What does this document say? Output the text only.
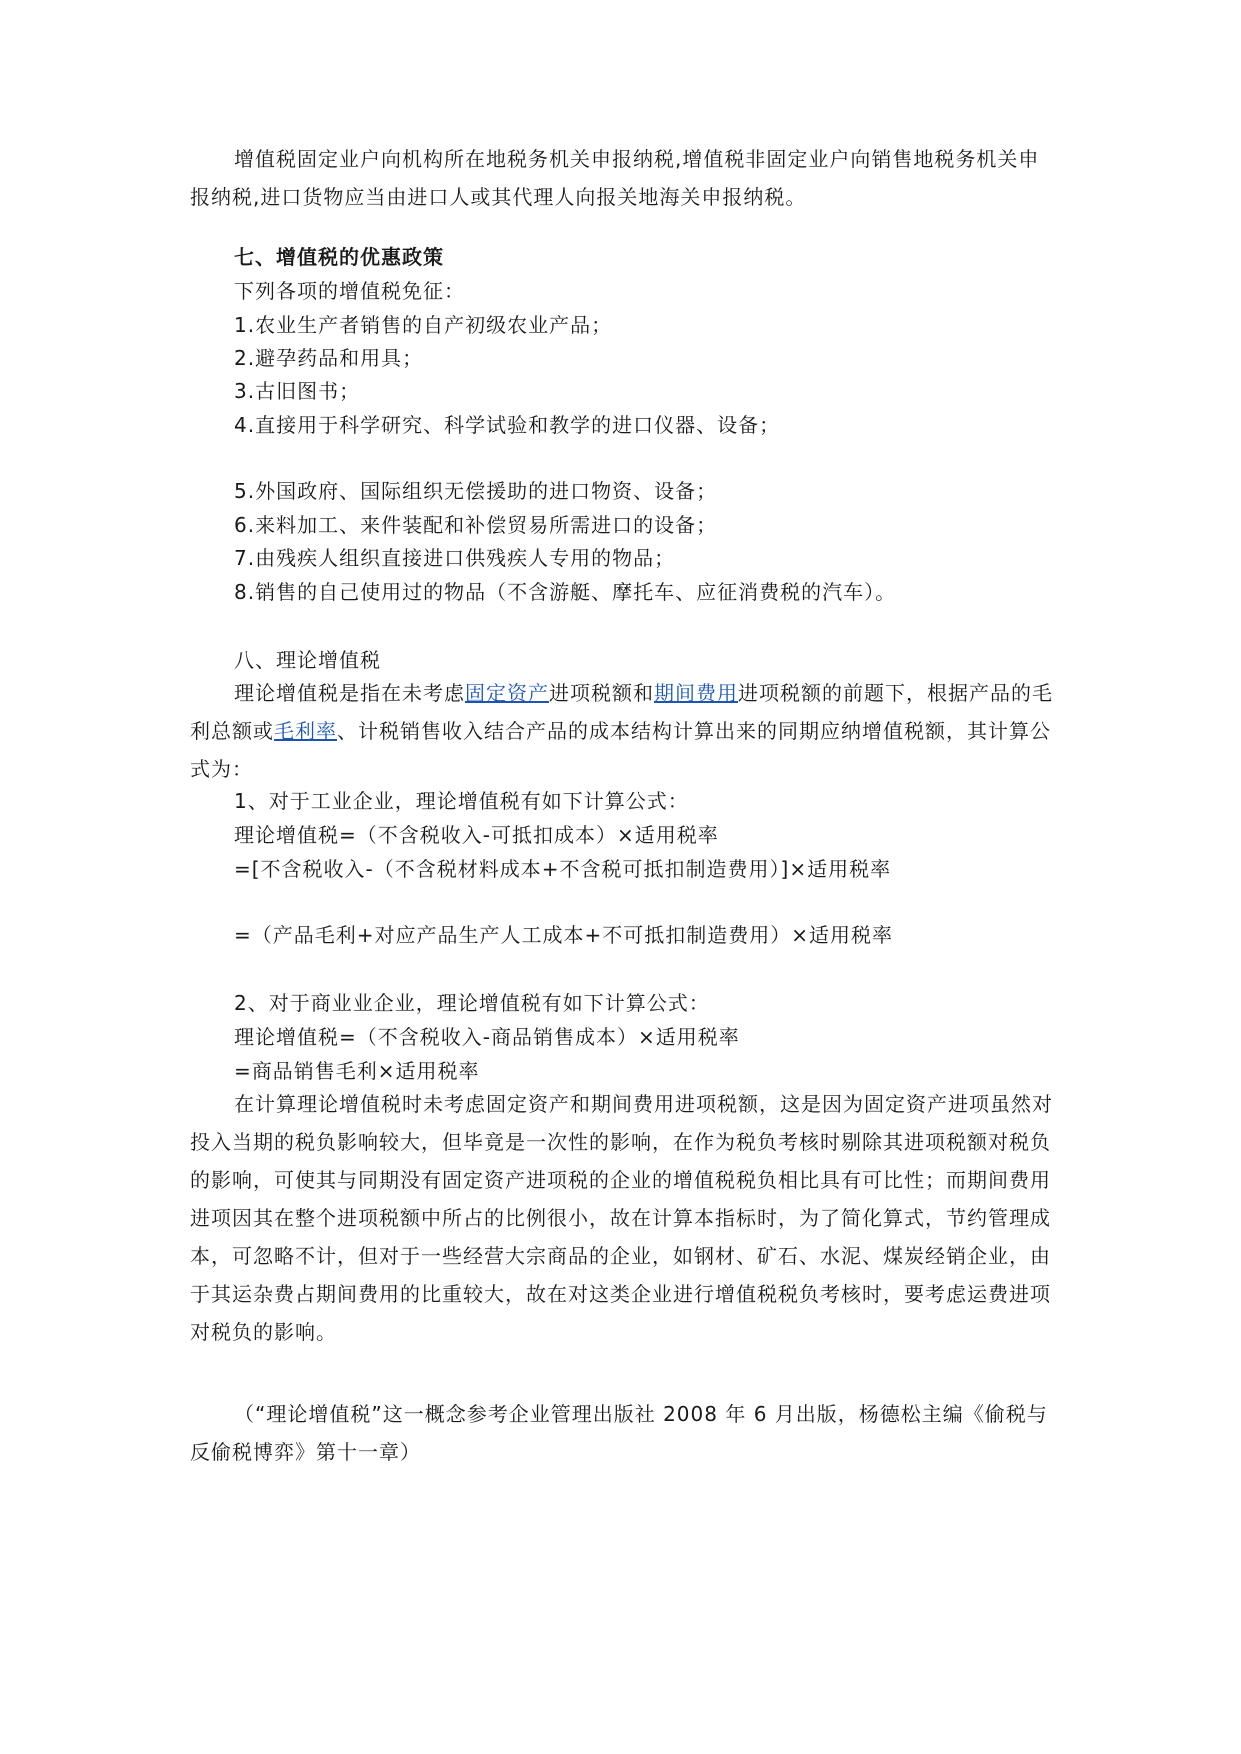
增值税固定业户向机构所在地税务机关申报纳税,增值税非固定业户向销售地税务机关申报纳税,进口货物应当由进口人或其代理人向报关地海关申报纳税。

七、增值税的优惠政策
下列各项的增值税免征：
1.农业生产者销售的自产初级农业产品；
2.避孕药品和用具；
3.古旧图书；
4.直接用于科学研究、科学试验和教学的进口仪器、设备；
5.外国政府、国际组织无偿援助的进口物资、设备；
6.来料加工、来件装配和补偿贸易所需进口的设备；
7.由残疾人组织直接进口供残疾人专用的物品；
8.销售的自己使用过的物品（不含游艇、摩托车、应征消费税的汽车）。
八、理论增值税

理论增值税是指在未考虑固定资产进项税额和期间费用进项税额的前题下，根据产品的毛利总额或毛利率、计税销售收入结合产品的成本结构计算出来的同期应纳增值税额，其计算公式为：

1、对于工业企业，理论增值税有如下计算公式：
理论增值税=（不含税收入-可抵扣成本）×适用税率
=[不含税收入-（不含税材料成本+不含税可抵扣制造费用）]×适用税率
=（产品毛利+对应产品生产人工成本+不可抵扣制造费用）×适用税率
2、对于商业业企业，理论增值税有如下计算公式：
理论增值税=（不含税收入-商品销售成本）×适用税率
=商品销售毛利×适用税率

在计算理论增值税时未考虑固定资产和期间费用进项税额，这是因为固定资产进项虽然对投入当期的税负影响较大，但毕竟是一次性的影响，在作为税负考核时剔除其进项税额对税负的影响，可使其与同期没有固定资产进项税的企业的增值税税负相比具有可比性；而期间费用进项因其在整个进项税额中所占的比例很小，故在计算本指标时，为了简化算式，节约管理成本，可忽略不计，但对于一些经营大宗商品的企业，如钢材、矿石、水泥、煤炭经销企业，由于其运杂费占期间费用的比重较大，故在对这类企业进行增值税税负考核时，要考虑运费进项对税负的影响。

（“理论增值税”这一概念参考企业管理出版社 2008 年 6 月出版，杨德松主编《偷税与反偷税博弈》第十一章）
